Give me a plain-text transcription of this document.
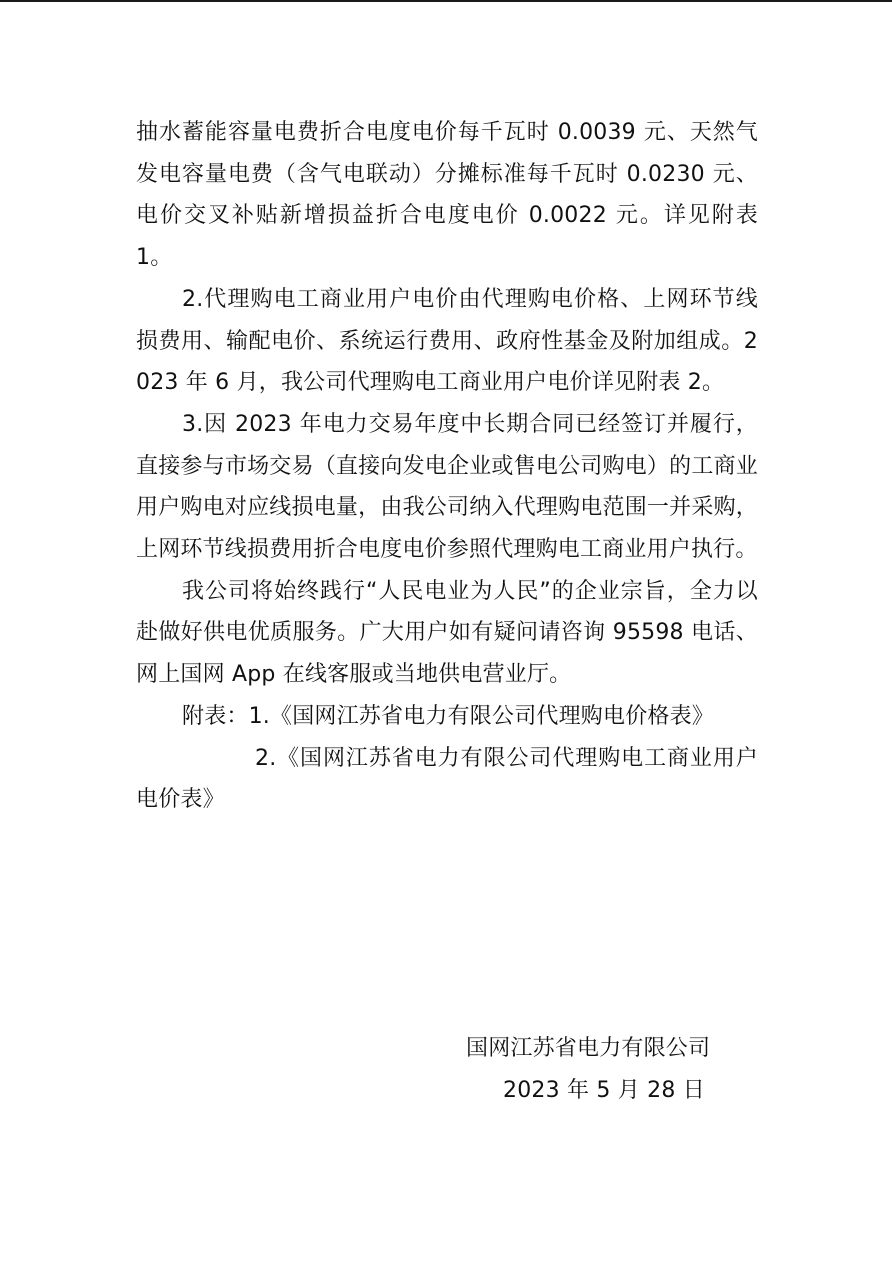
抽水蓄能容量电费折合电度电价每千瓦时 0.0039 元、天然气发电容量电费（含气电联动）分摊标准每千瓦时 0.0230 元、电价交叉补贴新增损益折合电度电价 0.0022 元。详见附表 1。

2.代理购电工商业用户电价由代理购电价格、上网环节线损费用、输配电价、系统运行费用、政府性基金及附加组成。2023 年 6 月，我公司代理购电工商业用户电价详见附表 2。

3.因 2023 年电力交易年度中长期合同已经签订并履行，直接参与市场交易（直接向发电企业或售电公司购电）的工商业用户购电对应线损电量，由我公司纳入代理购电范围一并采购，上网环节线损费用折合电度电价参照代理购电工商业用户执行。

我公司将始终践行“人民电业为人民”的企业宗旨，全力以赴做好供电优质服务。广大用户如有疑问请咨询 95598 电话、网上国网 App 在线客服或当地供电营业厅。

附表：1.《国网江苏省电力有限公司代理购电价格表》

2.《国网江苏省电力有限公司代理购电工商业用户电价表》

国网江苏省电力有限公司

2023 年 5 月 28 日
